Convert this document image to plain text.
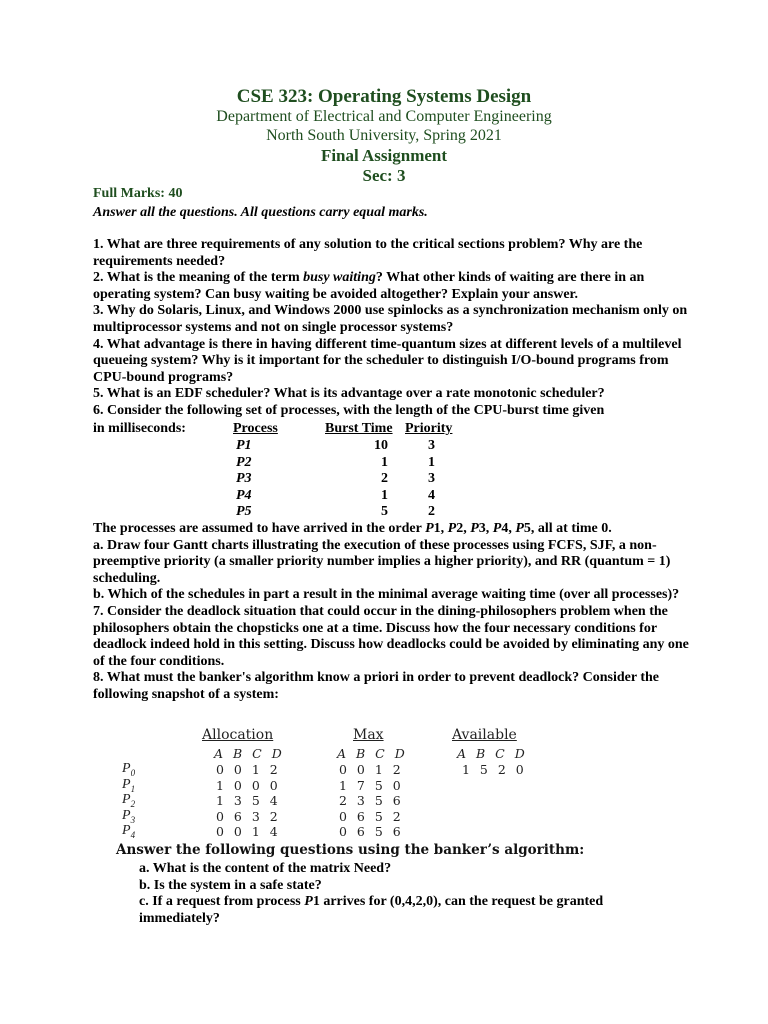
CSE 323: Operating Systems Design
Department of Electrical and Computer Engineering
North South University, Spring 2021
Final Assignment
Sec: 3
Full Marks: 40
Answer all the questions. All questions carry equal marks.

1. What are three requirements of any solution to the critical sections problem? Why are the requirements needed?

2. What is the meaning of the term busy waiting? What other kinds of waiting are there in an operating system? Can busy waiting be avoided altogether? Explain your answer.

3. Why do Solaris, Linux, and Windows 2000 use spinlocks as a synchronization mechanism only on multiprocessor systems and not on single processor systems?

4. What advantage is there in having different time-quantum sizes at different levels of a multilevel queueing system? Why is it important for the scheduler to distinguish I/O-bound programs from CPU-bound programs?

5. What is an EDF scheduler? What is its advantage over a rate monotonic scheduler?

6. Consider the following set of processes, with the length of the CPU-burst time given

in milliseconds:	Process	Burst Time Priority
P1	10	3
P2	1	1
P3	2	3
P4	1	4
P5	5	2

The processes are assumed to have arrived in the order P1, P2, P3, P4, P5, all at time 0.

a. Draw four Gantt charts illustrating the execution of these processes using FCFS, SJF, a non-preemptive priority (a smaller priority number implies a higher priority), and RR (quantum = 1) scheduling.

b. Which of the schedules in part a result in the minimal average waiting time (over all processes)?

7. Consider the deadlock situation that could occur in the dining-philosophers problem when the philosophers obtain the chopsticks one at a time. Discuss how the four necessary conditions for deadlock indeed hold in this setting. Discuss how deadlocks could be avoided by eliminating any one of the four conditions.

8. What must the banker's algorithm know a priori in order to prevent deadlock? Consider the following snapshot of a system:

Allocation	Max	Available
A B C D	A B C D	A B C D
$P_0$	0 0 1 2	0 0 1 2	1 5 2 0
$P_1$	1 0 0 0	1 7 5 0
$P_2$	1 3 5 4	2 3 5 6
$P_3$	0 6 3 2	0 6 5 2
$P_4$	0 0 1 4	0 6 5 6
Answer the following questions using the banker’s algorithm:

a. What is the content of the matrix Need?

b. Is the system in a safe state?

c. If a request from process P1 arrives for (0,4,2,0), can the request be granted

immediately?
